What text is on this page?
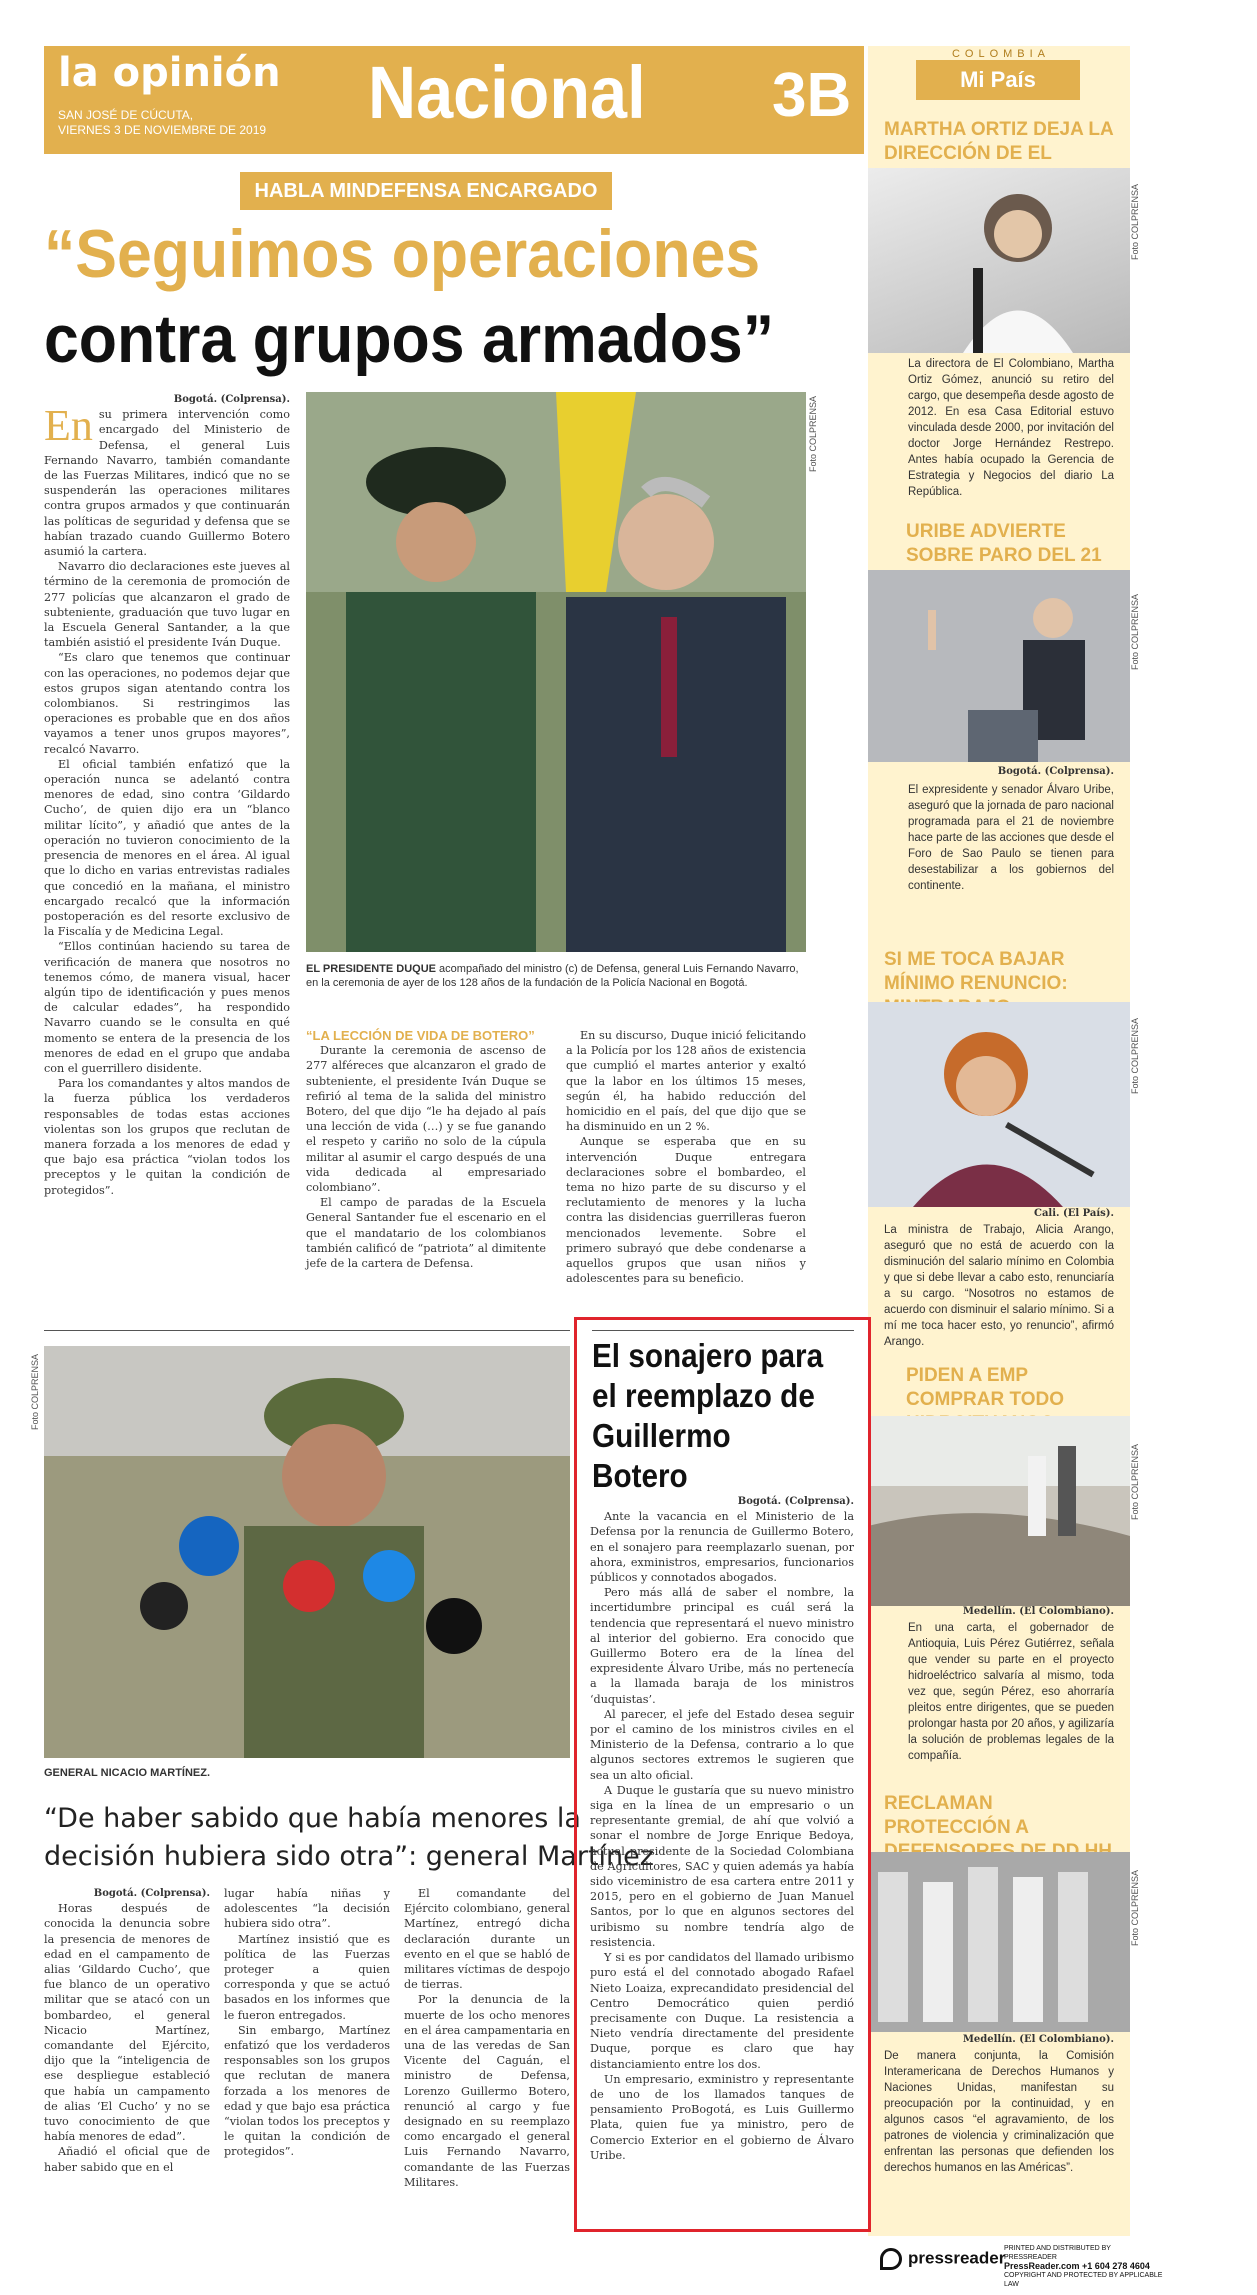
la opinión
SAN JOSÉ DE CÚCUTA,
VIERNES 3 DE NOVIEMBRE DE 2019 Nacional 3B
COLOMBIA
Mi País
MARTHA ORTIZ DEJA LA DIRECCIÓN DE EL
Foto COLPRENSA
La directora de El Colombiano, Martha Ortiz Gómez, anunció su retiro del cargo, que desempeña desde agosto de 2012. En esa Casa Editorial estuvo vinculada desde 2000, por invitación del doctor Jorge Hernández Restrepo. Antes había ocupado la Gerencia de Estrategia y Negocios del diario La República.
URIBE ADVIERTE SOBRE PARO DEL 21
Foto COLPRENSA
Bogotá. (Colprensa).
El expresidente y senador Álvaro Uribe, aseguró que la jornada de paro nacional programada para el 21 de noviembre hace parte de las acciones que desde el Foro de Sao Paulo se tienen para desestabilizar a los gobiernos del continente.
SI ME TOCA BAJAR MÍNIMO RENUNCIO:
Foto COLPRENSA
Cali. (El País).
La ministra de Trabajo, Alicia Arango, aseguró que no está de acuerdo con la disminución del salario mínimo en Colombia y que si debe llevar a cabo esto, renunciaría a su cargo. “Nosotros no estamos de acuerdo con disminuir el salario mínimo. Si a mí me toca hacer esto, yo renuncio”, afirmó Arango.
PIDEN A EMP COMPRAR TODO
Foto COLPRENSA
Medellín. (El Colombiano).
En una carta, el gobernador de Antioquia, Luis Pérez Gutiérrez, señala que vender su parte en el proyecto hidroeléctrico salvaría al mismo, toda vez que, según Pérez, eso ahorraría pleitos entre dirigentes, que se pueden prolongar hasta por 20 años, y agilizaría la solución de problemas legales de la compañía.
RECLAMAN PROTECCIÓN A
Foto COLPRENSA
Medellín. (El Colombiano).
De manera conjunta, la Comisión Interamericana de Derechos Humanos y Naciones Unidas, manifestan su preocupación por la continuidad, y en algunos casos “el agravamiento, de los patrones de violencia y criminalización que enfrentan las personas que defienden los derechos humanos en las Américas”.
HABLA MINDEFENSA ENCARGADO
“Seguimos operaciones
contra grupos armados”
Bogotá. (Colprensa).
En su primera intervención como encargado del Ministerio de Defensa, el general Luis Fernando Navarro, también comandante de las Fuerzas Militares, indicó que no se suspenderán las operaciones militares contra grupos armados y que continuarán las políticas de seguridad y defensa que se habían trazado cuando Guillermo Botero asumió la cartera.

Navarro dio declaraciones este jueves al término de la ceremonia de promoción de 277 policías que alcanzaron el grado de subteniente, graduación que tuvo lugar en la Escuela General Santander, a la que también asistió el presidente Iván Duque.

“Es claro que tenemos que continuar con las operaciones, no podemos dejar que estos grupos sigan atentando contra los colombianos. Si restringimos las operaciones es probable que en dos años vayamos a tener unos grupos mayores”, recalcó Navarro.

El oficial también enfatizó que la operación nunca se adelantó contra menores de edad, sino contra ‘Gildardo Cucho’, de quien dijo era un “blanco militar lícito”, y añadió que antes de la operación no tuvieron conocimiento de la presencia de menores en el área. Al igual que lo dicho en varias entrevistas radiales que concedió en la mañana, el ministro encargado recalcó que la información postoperación es del resorte exclusivo de la Fiscalía y de Medicina Legal.

“Ellos continúan haciendo su tarea de verificación de manera que nosotros no tenemos cómo, de manera visual, hacer algún tipo de identificación y pues menos de calcular edades”, ha respondido Navarro cuando se le consulta en qué momento se entera de la presencia de los menores de edad en el grupo que andaba con el guerrillero disidente.

Para los comandantes y altos mandos de la fuerza pública los verdaderos responsables de todas estas acciones violentas son los grupos que reclutan de manera forzada a los menores de edad y que bajo esa práctica “violan todos los preceptos y le quitan la condición de protegidos”.

Foto COLPRENSA
EL PRESIDENTE DUQUE acompañado del ministro (c) de Defensa, general Luis Fernando Navarro, en la ceremonia de ayer de los 128 años de la fundación de la Policía Nacional en Bogotá.
“LA LECCIÓN DE VIDA DE BOTERO”

Durante la ceremonia de ascenso de 277 alféreces que alcanzaron el grado de subteniente, el presidente Iván Duque se refirió al tema de la salida del ministro Botero, del que dijo “le ha dejado al país una lección de vida (…) y se fue ganando el respeto y cariño no solo de la cúpula militar al asumir el cargo después de una vida dedicada al empresariado colombiano”.

El campo de paradas de la Escuela General Santander fue el escenario en el que el mandatario de los colombianos también calificó de “patriota” al dimitente jefe de la cartera de Defensa.

En su discurso, Duque inició felicitando a la Policía por los 128 años de existencia que cumplió el martes anterior y exaltó que la labor en los últimos 15 meses, según él, ha habido reducción del homicidio en el país, del que dijo que se ha disminuido en un 2 %.

Aunque se esperaba que en su intervención Duque entregara declaraciones sobre el bombardeo, el tema no hizo parte de su discurso y el reclutamiento de menores y la lucha contra las disidencias guerrilleras fueron mencionados levemente. Sobre el primero subrayó que debe condenarse a aquellos grupos que usan niños y adolescentes para su beneficio.

Foto COLPRENSA
GENERAL NICACIO MARTÍNEZ.
“De haber sabido que había menores la
decisión hubiera sido otra”: general Martínez
Bogotá. (Colprensa).

Horas después de conocida la denuncia sobre la presencia de menores de edad en el campamento de alias ‘Gildardo Cucho’, que fue blanco de un operativo militar que se atacó con un bombardeo, el general Nicacio Martínez, comandante del Ejército, dijo que la “inteligencia de ese despliegue estableció que había un campamento de alias ‘El Cucho’ y no se tuvo conocimiento de que había menores de edad”.

Añadió el oficial que de haber sabido que en el

lugar había niñas y adolescentes “la decisión hubiera sido otra”.

Martínez insistió que es política de las Fuerzas proteger a quien corresponda y que se actuó basados en los informes que le fueron entregados.

Sin embargo, Martínez enfatizó que los verdaderos responsables son los grupos que reclutan de manera forzada a los menores de edad y que bajo esa práctica “violan todos los preceptos y le quitan la condición de protegidos”.

El comandante del Ejército colombiano, general Martínez, entregó dicha declaración durante un evento en el que se habló de militares víctimas de despojo de tierras.

Por la denuncia de la muerte de los ocho menores en el área campamentaria en una de las veredas de San Vicente del Caguán, el ministro de Defensa, Lorenzo Guillermo Botero, renunció al cargo y fue designado en su reemplazo como encargado el general Luis Fernando Navarro, comandante de las Fuerzas Militares.

El sonajero para el reemplazo de Guillermo Botero
Bogotá. (Colprensa).

Ante la vacancia en el Ministerio de la Defensa por la renuncia de Guillermo Botero, en el sonajero para reemplazarlo suenan, por ahora, exministros, empresarios, funcionarios públicos y connotados abogados.

Pero más allá de saber el nombre, la incertidumbre principal es cuál será la tendencia que representará el nuevo ministro al interior del gobierno. Era conocido que Guillermo Botero era de la línea del expresidente Álvaro Uribe, más no pertenecía a la llamada baraja de los ministros ‘duquistas’.

Al parecer, el jefe del Estado desea seguir por el camino de los ministros civiles en el Ministerio de la Defensa, contrario a lo que algunos sectores extremos le sugieren que sea un alto oficial.

A Duque le gustaría que su nuevo ministro siga en la línea de un empresario o un representante gremial, de ahí que volvió a sonar el nombre de Jorge Enrique Bedoya, actual presidente de la Sociedad Colombiana de Agricultores, SAC y quien además ya había sido viceministro de esa cartera entre 2011 y 2015, pero en el gobierno de Juan Manuel Santos, por lo que en algunos sectores del uribismo su nombre tendría algo de resistencia.

Y si es por candidatos del llamado uribismo puro está el del connotado abogado Rafael Nieto Loaiza, exprecandidato presidencial del Centro Democrático quien perdió precisamente con Duque. La resistencia a Nieto vendría directamente del presidente Duque, porque es claro que hay distanciamiento entre los dos.

Un empresario, exministro y representante de uno de los llamados tanques de pensamiento ProBogotá, es Luis Guillermo Plata, quien fue ya ministro, pero de Comercio Exterior en el gobierno de Álvaro Uribe.

pressreader
PRINTED AND DISTRIBUTED BY PRESSREADER
PressReader.com +1 604 278 4604
COPYRIGHT AND PROTECTED BY APPLICABLE LAW
